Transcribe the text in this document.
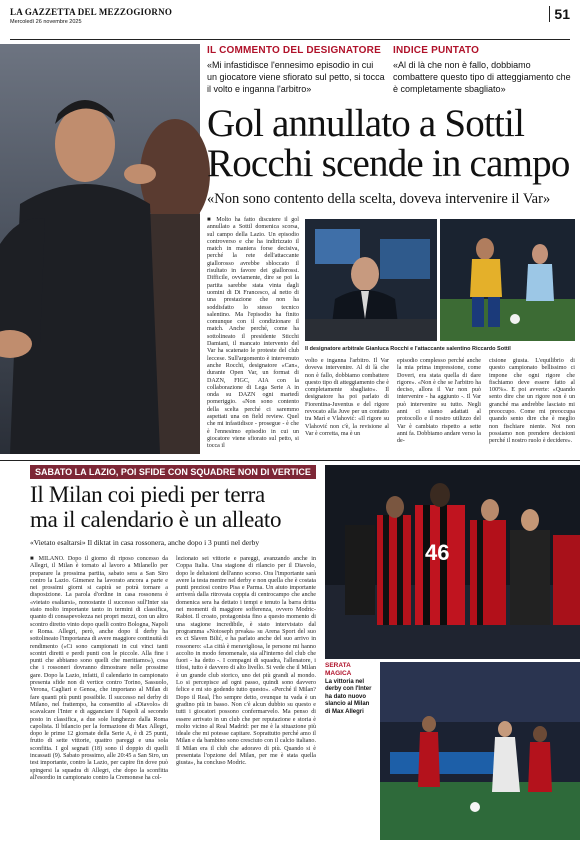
LA GAZZETTA DEL MEZZOGIORNO
Mercoledì 26 novembre 2025	51
IL COMMENTO DEL DESIGNATORE
«Mi infastidisce l'ennesimo episodio in cui un giocatore viene sfiorato sul petto, si tocca il volto e inganna l'arbitro»
INDICE PUNTATO
«Al di là che non è fallo, dobbiamo combattere questo tipo di atteggiamento che è completamente sbagliato»
Gol annullato a Sottil
Rocchi scende in campo
«Non sono contento della scelta, doveva intervenire il Var»

■ Molto ha fatto discutere il gol annullato a Sottil domenica scorsa, sul campo della Lazio. Un episodio controverso e che ha indirizzato il match in maniera forse decisiva, perché la rete dell'attaccante giallorosso avrebbe sbloccato il risultato in favore dei giallorossi. Difficile, ovviamente, dire se poi la partita sarebbe stata vinta dagli uomini di Di Francesco, al netto di una prestazione che non ha soddisfatto lo stesso tecnico salentino. Ma l'episodio ha finito comunque con il condizionare il match. Anche perché, come ha sottolineato il presidente Sticchi Damiani, il mancato intervento del Var ha scatenato le proteste del club leccese. Sull'argomento è intervenuto anche Rocchi, designatore «Can», durante Open Var, un format di DAZN, FIGC, AIA con la collaborazione di Lega Serie A in onda su DAZN ogni martedì pomeriggio. «Non sono contento della scelta perché ci saremmo aspettati una on field review. Quel che mi infastidisce - prosegue - è che è l'ennesimo episodio in cui un giocatore viene sfiorato sul petto, si tocca il

Il designatore arbitrale Gianluca Rocchi e l'attaccante salentino Riccardo Sottil

volto e inganna l'arbitro. Il Var doveva intervenire. Al di là che non è fallo, dobbiamo combattere questo tipo di atteggiamento che è completamente sbagliato». Il designatore ha poi parlato di Fiorentina-Juventus e del rigore revocato alla Juve per un contatto tra Marì e Vlahović: «Il rigore su Vlahović non c'è, la revisione al Var è corretta, ma è un

episodio complesso perché anche la mia prima impressione, come Doveri, era stata quella di dare rigore». «Non è che se l'arbitro ha deciso, allora il Var non può intervenire - ha aggiunto -. Il Var può intervenire su tutto. Negli anni ci siamo adattati al protocollo e il nostro utilizzo del Var è cambiato rispetto a sette anni fa. Dobbiamo andare verso la de-

cisione giusta. L'equilibrio di questo campionato bellissimo ci impone che ogni rigore che fischiamo deve essere fatto al 100%». E poi avverte: «Quando sento dire che un rigore non è un granché ma andrebbe lasciato mi preoccupo. Come mi preoccupa quando sento dire che è meglio non fischiare niente. Noi non possiamo non prendere decisioni perché il nostro ruolo è decidere».

SABATO LA LAZIO, POI SFIDE CON SQUADRE NON DI VERTICE
Il Milan coi piedi per terra
ma il calendario è un alleato
«Vietato esaltarsi» Il diktat in casa rossonera, anche dopo i 3 punti nel derby

■ MILANO. Dopo il giorno di riposo concesso da Allegri, il Milan è tornato al lavoro a Milanello per preparare la prossima partita, sabato sera a San Siro contro la Lazio. Gimenez ha lavorato ancora a parte e nei prossimi giorni si capirà se potrà tornare a disposizione. La parola d'ordine in casa rossonera è «vietato esaltarsi», nonostante il successo sull'Inter sia stato molto importante tanto in termini di classifica, quanto di consapevolezza nei propri mezzi, con un altro scontro diretto vinto dopo quelli contro Bologna, Napoli e Roma. Allegri, però, anche dopo il derby ha sottolineato l'importanza di avere maggiore continuità di rendimento («Ci sono campionati in cui vinci tanti scontri diretti e perdi punti con le piccole. Alla fine i punti che abbiamo sono quelli che meritiamo»), cosa che i rossoneri dovranno dimostrare nelle prossime gare. Dopo la Lazio, infatti, il calendario in campionato presenta sfide non di vertice contro Torino, Sassuolo, Verona, Cagliari e Genoa, che importano al Milan di fare quanti più punti possibile. Il successo nel derby di Milano, nel frattempo, ha consentito al «Diavolo» di scavalcare l'Inter e di agganciare il Napoli al secondo posto in classifica, a due sole lunghezze dalla Roma capolista. Il bilancio per la formazione di Max Allegri, dopo le prime 12 giornate della Serie A, è di 25 punti, frutto di sette vittorie, quattro pareggi e una sola sconfitta. I gol segnati (18) sono il doppio di quelli incassati (9). Sabato prossimo, alle 20:45 a San Siro, un test importante, contro la Lazio, per capire fin dove può spingersi la squadra di Allegri, che dopo la sconfitta all'esordio in campionato contro la Cremonese ha col-

lezionato sei vittorie e pareggi, avanzando anche in Coppa Italia. Una stagione di rilancio per il Diavolo, dopo le delusioni dell'anno scorso. Ora l'importante sarà avere la testa mentre nel derby e non quella che è costata punti preziosi contro Pisa e Parma. Un aiuto importante arriverà dalla ritrovata coppia di centrocampo che anche domenica sera ha dettato i tempi e tenuto la barra dritta nei momenti di maggiore sofferenza, ovvero Modric-Rabiot. Il croato, protagonista fino a questo momento di una stagione incredibile, è stato intervistato dal programma «Notoseph prvaka» su Arena Sport del suo ex ct Slaven Bilić, e ha parlato anche del suo arrivo in rossonero: «La città è meravigliosa, le persone mi hanno accolto in modo fenomenale, sia all'interno del club che fuori - ha detto -. I compagni di squadra, l'allenatore, i tifosi, tutto è davvero di alto livello. Si vede che il Milan è un grande club storico, uno dei più grandi al mondo. Lo si percepisce ad ogni passo, quindi sono davvero felice e mi sto godendo tutto questo». «Perché il Milan? Dopo il Real, l'ho sempre detto, ovunque tu vada è un gradino più in basso. Non c'è alcun dubbio su questo e tutti i giocatori possono confermarvelo. Ma penso di essere arrivato in un club che per reputazione e storia è molto vicino al Real Madrid: per me è la situazione più ideale che mi potesse capitare. Soprattutto perché amo il Milan e da bambino sono cresciuto con il calcio italiano. Il Milan era il club che adoravo di più. Quando si è presentata l'opzione del Milan, per me è stata quella giusta», ha concluso Modric.

46
SERATA MAGICA
La vittoria nel derby con l'Inter ha dato nuovo slancio al Milan di Max Allegri
